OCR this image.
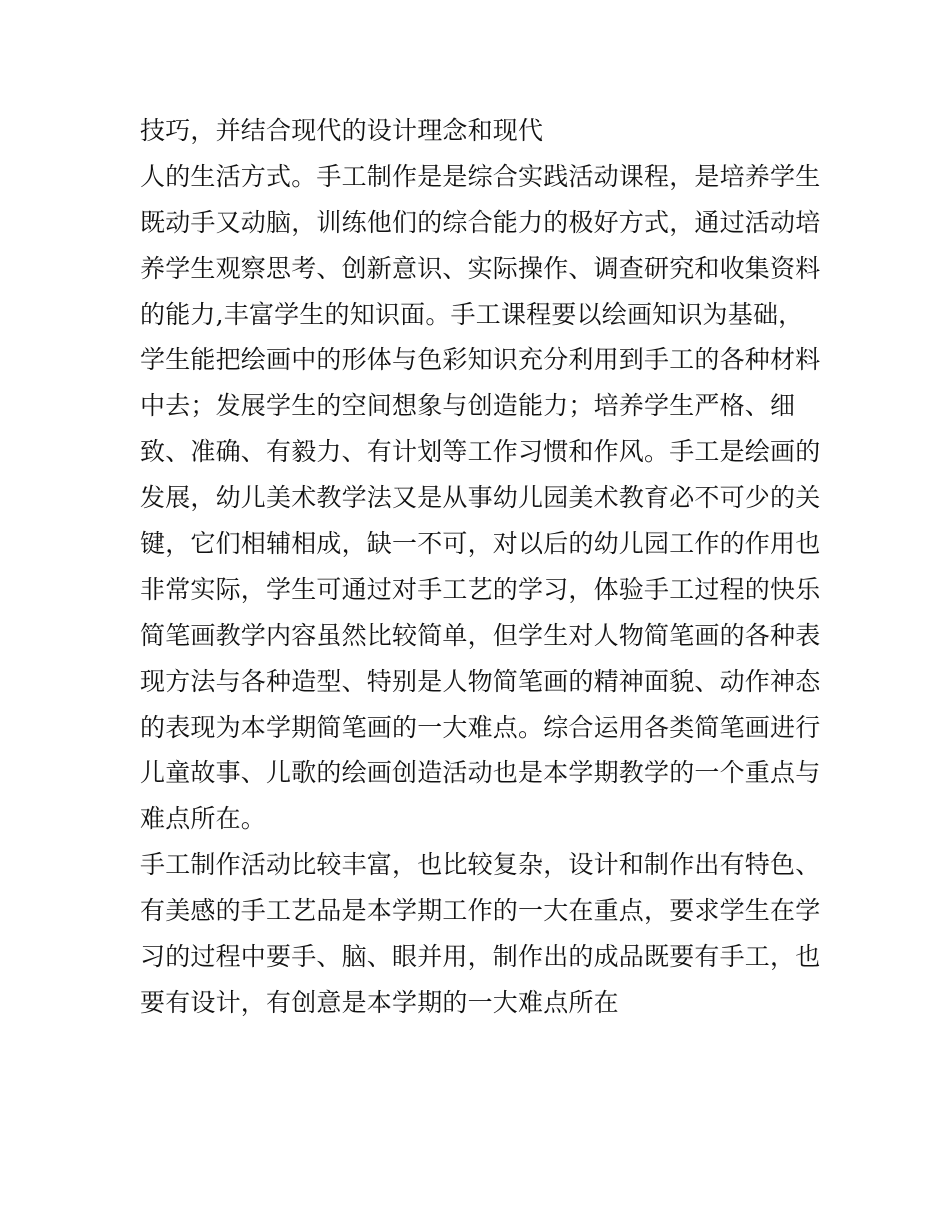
技巧，并结合现代的设计理念和现代
人的生活方式。手工制作是是综合实践活动课程，是培养学生
既动手又动脑，训练他们的综合能力的极好方式，通过活动培
养学生观察思考、创新意识、实际操作、调查研究和收集资料
的能力,丰富学生的知识面。手工课程要以绘画知识为基础，
学生能把绘画中的形体与色彩知识充分利用到手工的各种材料
中去；发展学生的空间想象与创造能力；培养学生严格、细
致、准确、有毅力、有计划等工作习惯和作风。手工是绘画的
发展，幼儿美术教学法又是从事幼儿园美术教育必不可少的关
键，它们相辅相成，缺一不可，对以后的幼儿园工作的作用也
非常实际，学生可通过对手工艺的学习，体验手工过程的快乐
简笔画教学内容虽然比较简单，但学生对人物简笔画的各种表
现方法与各种造型、特别是人物简笔画的精神面貌、动作神态
的表现为本学期简笔画的一大难点。综合运用各类简笔画进行
儿童故事、儿歌的绘画创造活动也是本学期教学的一个重点与
难点所在。
手工制作活动比较丰富，也比较复杂，设计和制作出有特色、
有美感的手工艺品是本学期工作的一大在重点，要求学生在学
习的过程中要手、脑、眼并用，制作出的成品既要有手工，也
要有设计，有创意是本学期的一大难点所在
